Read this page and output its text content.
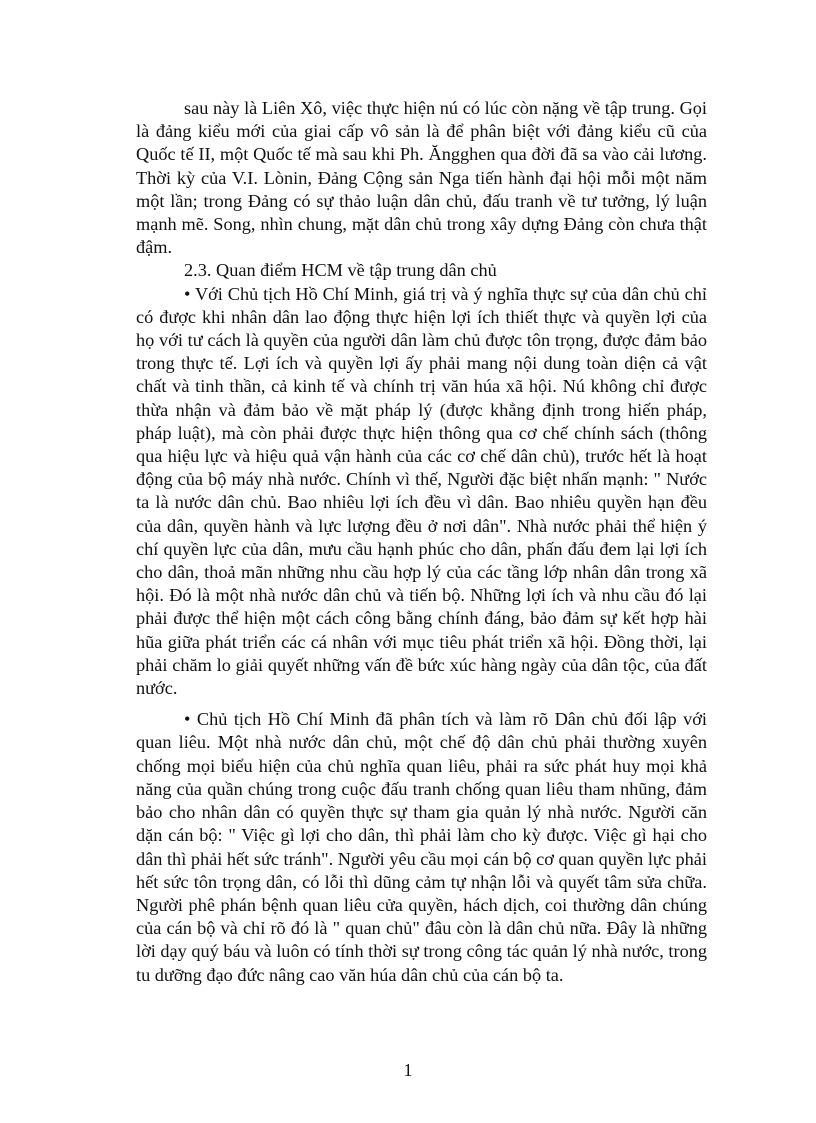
sau này là Liên Xô, việc thực hiện nú có lúc còn nặng về tập trung. Gọi là đảng kiểu mới của giai cấp vô sản là để phân biệt với đảng kiểu cũ của Quốc tế II, một Quốc tế mà sau khi Ph. Ăngghen qua đời đã sa vào cải lương. Thời kỳ của V.I. Lònin, Đảng Cộng sản Nga tiến hành đại hội mỗi một năm một lần; trong Đảng có sự thảo luận dân chủ, đấu tranh về tư tưởng, lý luận mạnh mẽ. Song, nhìn chung, mặt dân chủ trong xây dựng Đảng còn chưa thật đậm.

2.3. Quan điểm HCM về tập trung dân chủ

• Với Chủ tịch Hồ Chí Minh, giá trị và ý nghĩa thực sự của dân chủ chỉ có được khi nhân dân lao động thực hiện lợi ích thiết thực và quyền lợi của họ với tư cách là quyền của người dân làm chủ được tôn trọng, được đảm bảo trong thực tế. Lợi ích và quyền lợi ấy phải mang nội dung toàn diện cả vật chất và tinh thần, cả kinh tế và chính trị văn húa xã hội. Nú không chỉ được thừa nhận và đảm bảo về mặt pháp lý (được khẳng định trong hiến pháp, pháp luật), mà còn phải được thực hiện thông qua cơ chế chính sách (thông qua hiệu lực và hiệu quả vận hành của các cơ chế dân chủ), trước hết là hoạt động của bộ máy nhà nước. Chính vì thế, Người đặc biệt nhấn mạnh: " Nước ta là nước dân chủ. Bao nhiêu lợi ích đều vì dân. Bao nhiêu quyền hạn đều của dân, quyền hành và lực lượng đều ở nơi dân". Nhà nước phải thể hiện ý chí quyền lực của dân, mưu cầu hạnh phúc cho dân, phấn đấu đem lại lợi ích cho dân, thoả mãn những nhu cầu hợp lý của các tầng lớp nhân dân trong xã hội. Đó là một nhà nước dân chủ và tiến bộ. Những lợi ích và nhu cầu đó lại phải được thể hiện một cách công bằng chính đáng, bảo đảm sự kết hợp hài hũa giữa phát triển các cá nhân với mục tiêu phát triển xã hội. Đồng thời, lại phải chăm lo giải quyết những vấn đề bức xúc hàng ngày của dân tộc, của đất nước.

• Chủ tịch Hồ Chí Minh đã phân tích và làm rõ Dân chủ đối lập với quan liêu. Một nhà nước dân chủ, một chế độ dân chủ phải thường xuyên chống mọi biểu hiện của chủ nghĩa quan liêu, phải ra sức phát huy mọi khả năng của quần chúng trong cuộc đấu tranh chống quan liêu tham nhũng, đảm bảo cho nhân dân có quyền thực sự tham gia quản lý nhà nước. Người căn dặn cán bộ: " Việc gì lợi cho dân, thì phải làm cho kỳ được. Việc gì hại cho dân thì phải hết sức tránh". Người yêu cầu mọi cán bộ cơ quan quyền lực phải hết sức tôn trọng dân, có lỗi thì dũng cảm tự nhận lỗi và quyết tâm sửa chữa. Người phê phán bệnh quan liêu cửa quyền, hách dịch, coi thường dân chúng của cán bộ và chỉ rõ đó là " quan chủ" đâu còn là dân chủ nữa. Đây là những lời dạy quý báu và luôn có tính thời sự trong công tác quản lý nhà nước, trong tu dưỡng đạo đức nâng cao văn húa dân chủ của cán bộ ta.

1
